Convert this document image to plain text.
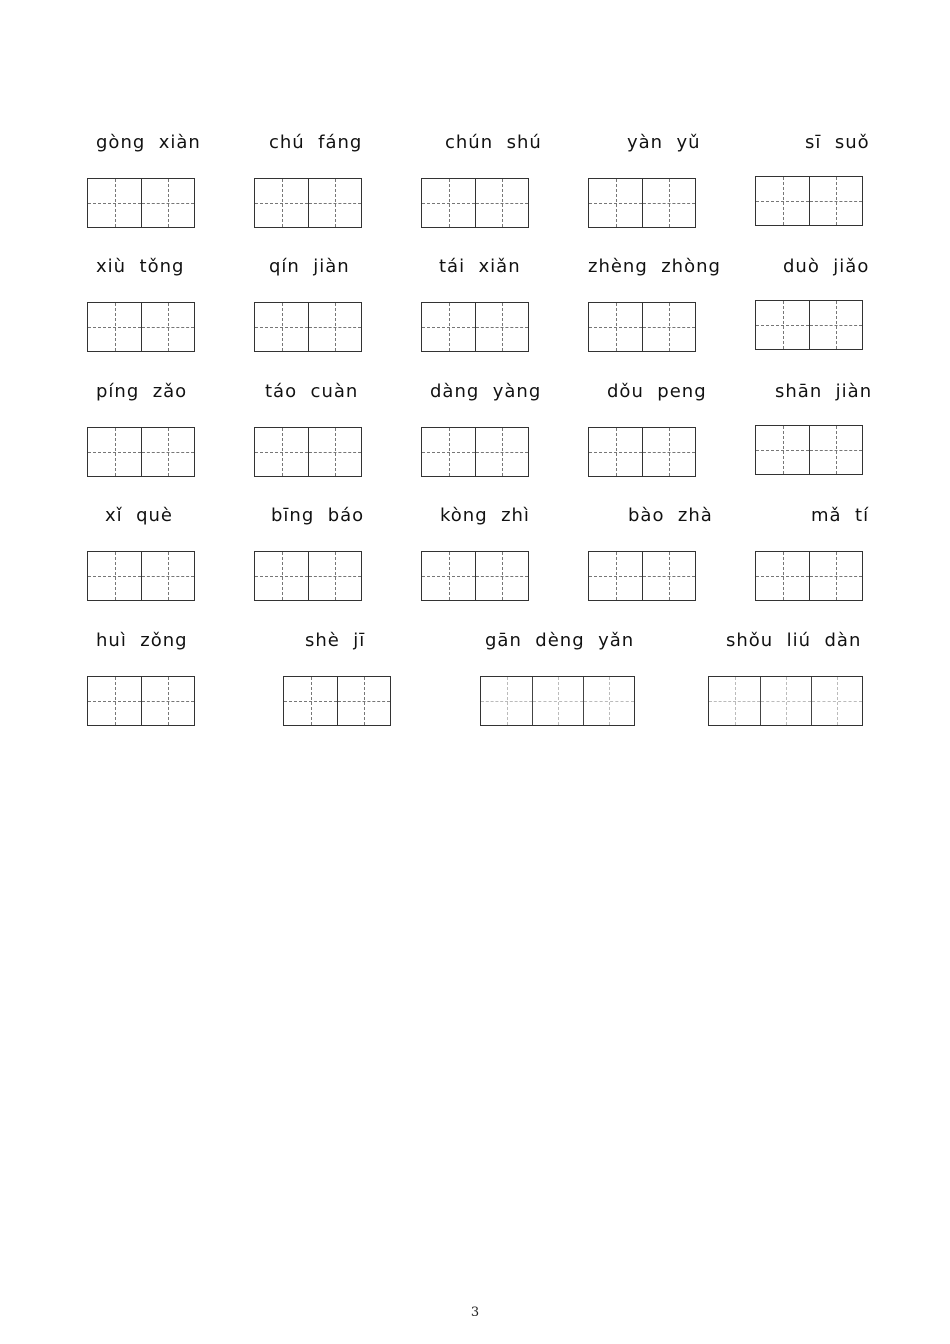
gòng  xiàn	chú  fáng	chún  shú	yàn  yǔ	sī  suǒ
xiù  tǒng	qín  jiàn	tái  xiǎn	zhèng  zhòng	duò  jiǎo
píng  zǎo	táo  cuàn	dàng  yàng	dǒu  peng	shān  jiàn
xǐ  què	bīng  báo	kòng  zhì	bào  zhà	mǎ  tí
huì  zǒng	shè  jī	gān  dèng  yǎn	shǒu  liú  dàn
3
